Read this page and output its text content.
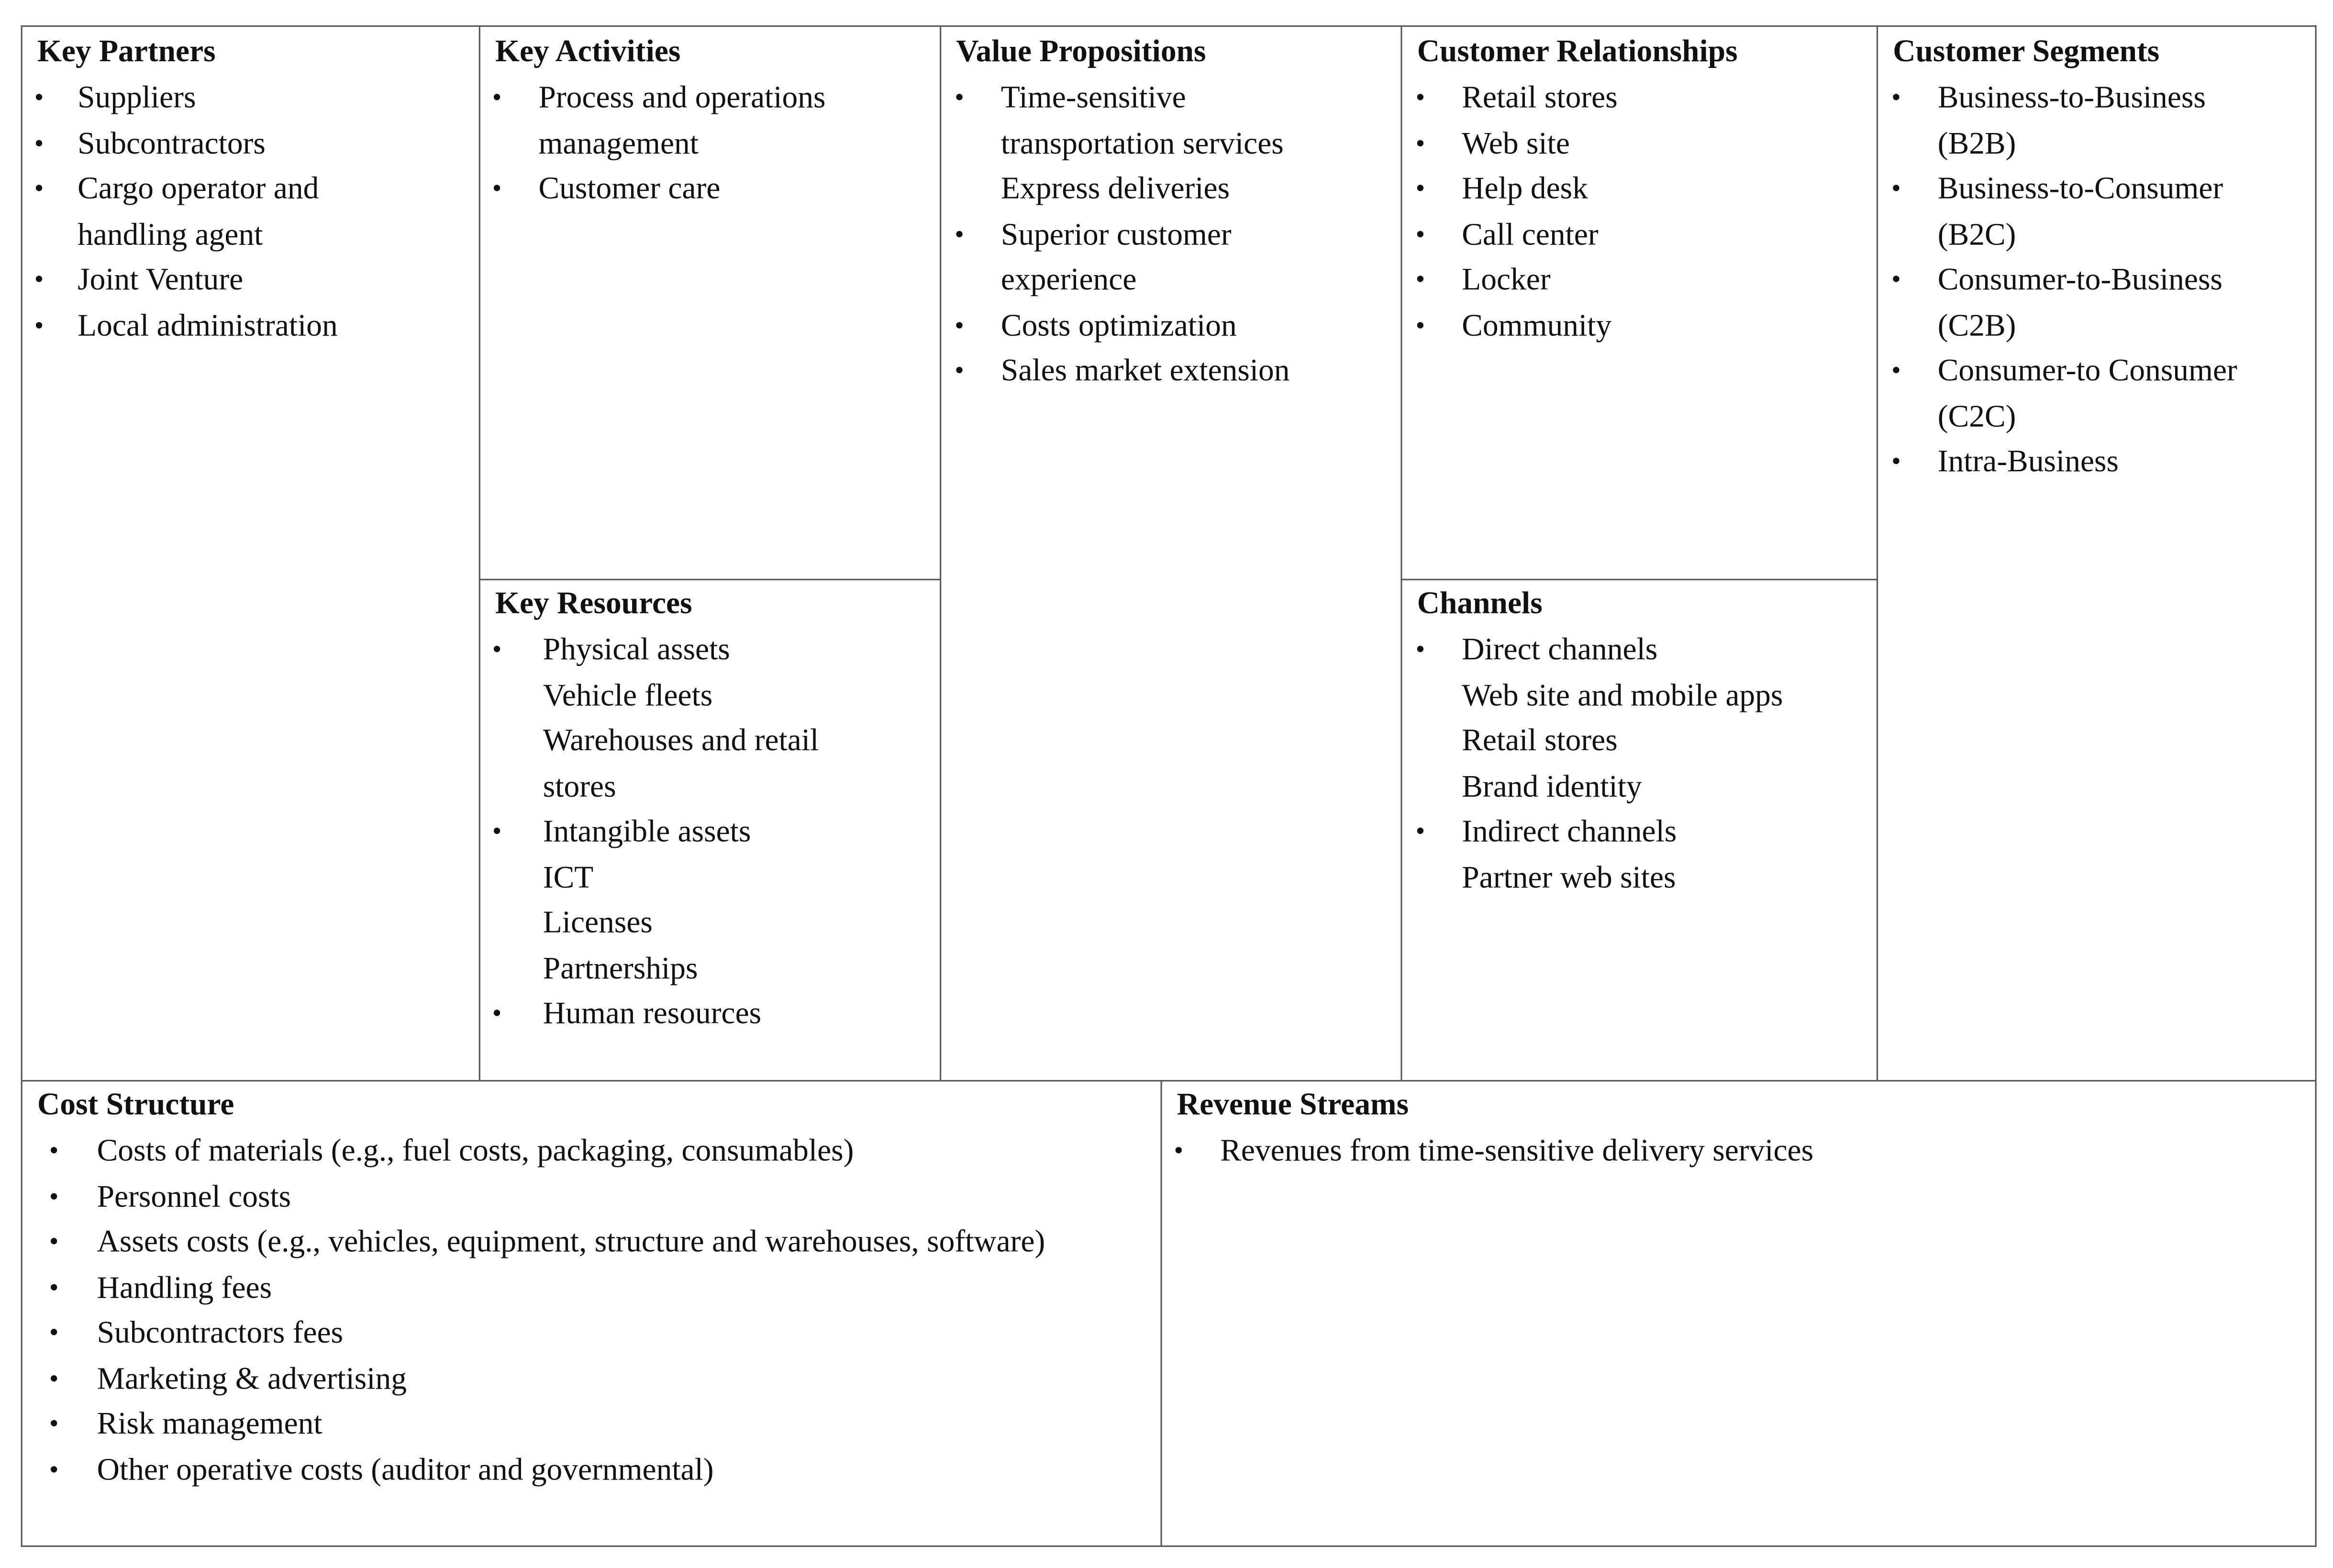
Key Partners
•	Suppliers
•	Subcontractors
•	Cargo operator and
handling agent
•	Joint Venture
•	Local administration
Key Activities
•	Process and operations
management
•	Customer care
Key Resources
•	Physical assets
Vehicle fleets
Warehouses and retail
stores
•	Intangible assets
ICT
Licenses
Partnerships
•	Human resources
Value Propositions
•	Time-sensitive
transportation services
Express deliveries
•	Superior customer
experience
•	Costs optimization
•	Sales market extension
Customer Relationships
•	Retail stores
•	Web site
•	Help desk
•	Call center
•	Locker
•	Community
Channels
•	Direct channels
Web site and mobile apps
Retail stores
Brand identity
•	Indirect channels
Partner web sites
Customer Segments
•	Business-to-Business
(B2B)
•	Business-to-Consumer
(B2C)
•	Consumer-to-Business
(C2B)
•	Consumer-to Consumer
(C2C)
•	Intra-Business
Cost Structure
•	Costs of materials (e.g., fuel costs, packaging, consumables)
•	Personnel costs
•	Assets costs (e.g., vehicles, equipment, structure and warehouses, software)
•	Handling fees
•	Subcontractors fees
•	Marketing & advertising
•	Risk management
•	Other operative costs (auditor and governmental)
Revenue Streams
•	Revenues from time-sensitive delivery services
